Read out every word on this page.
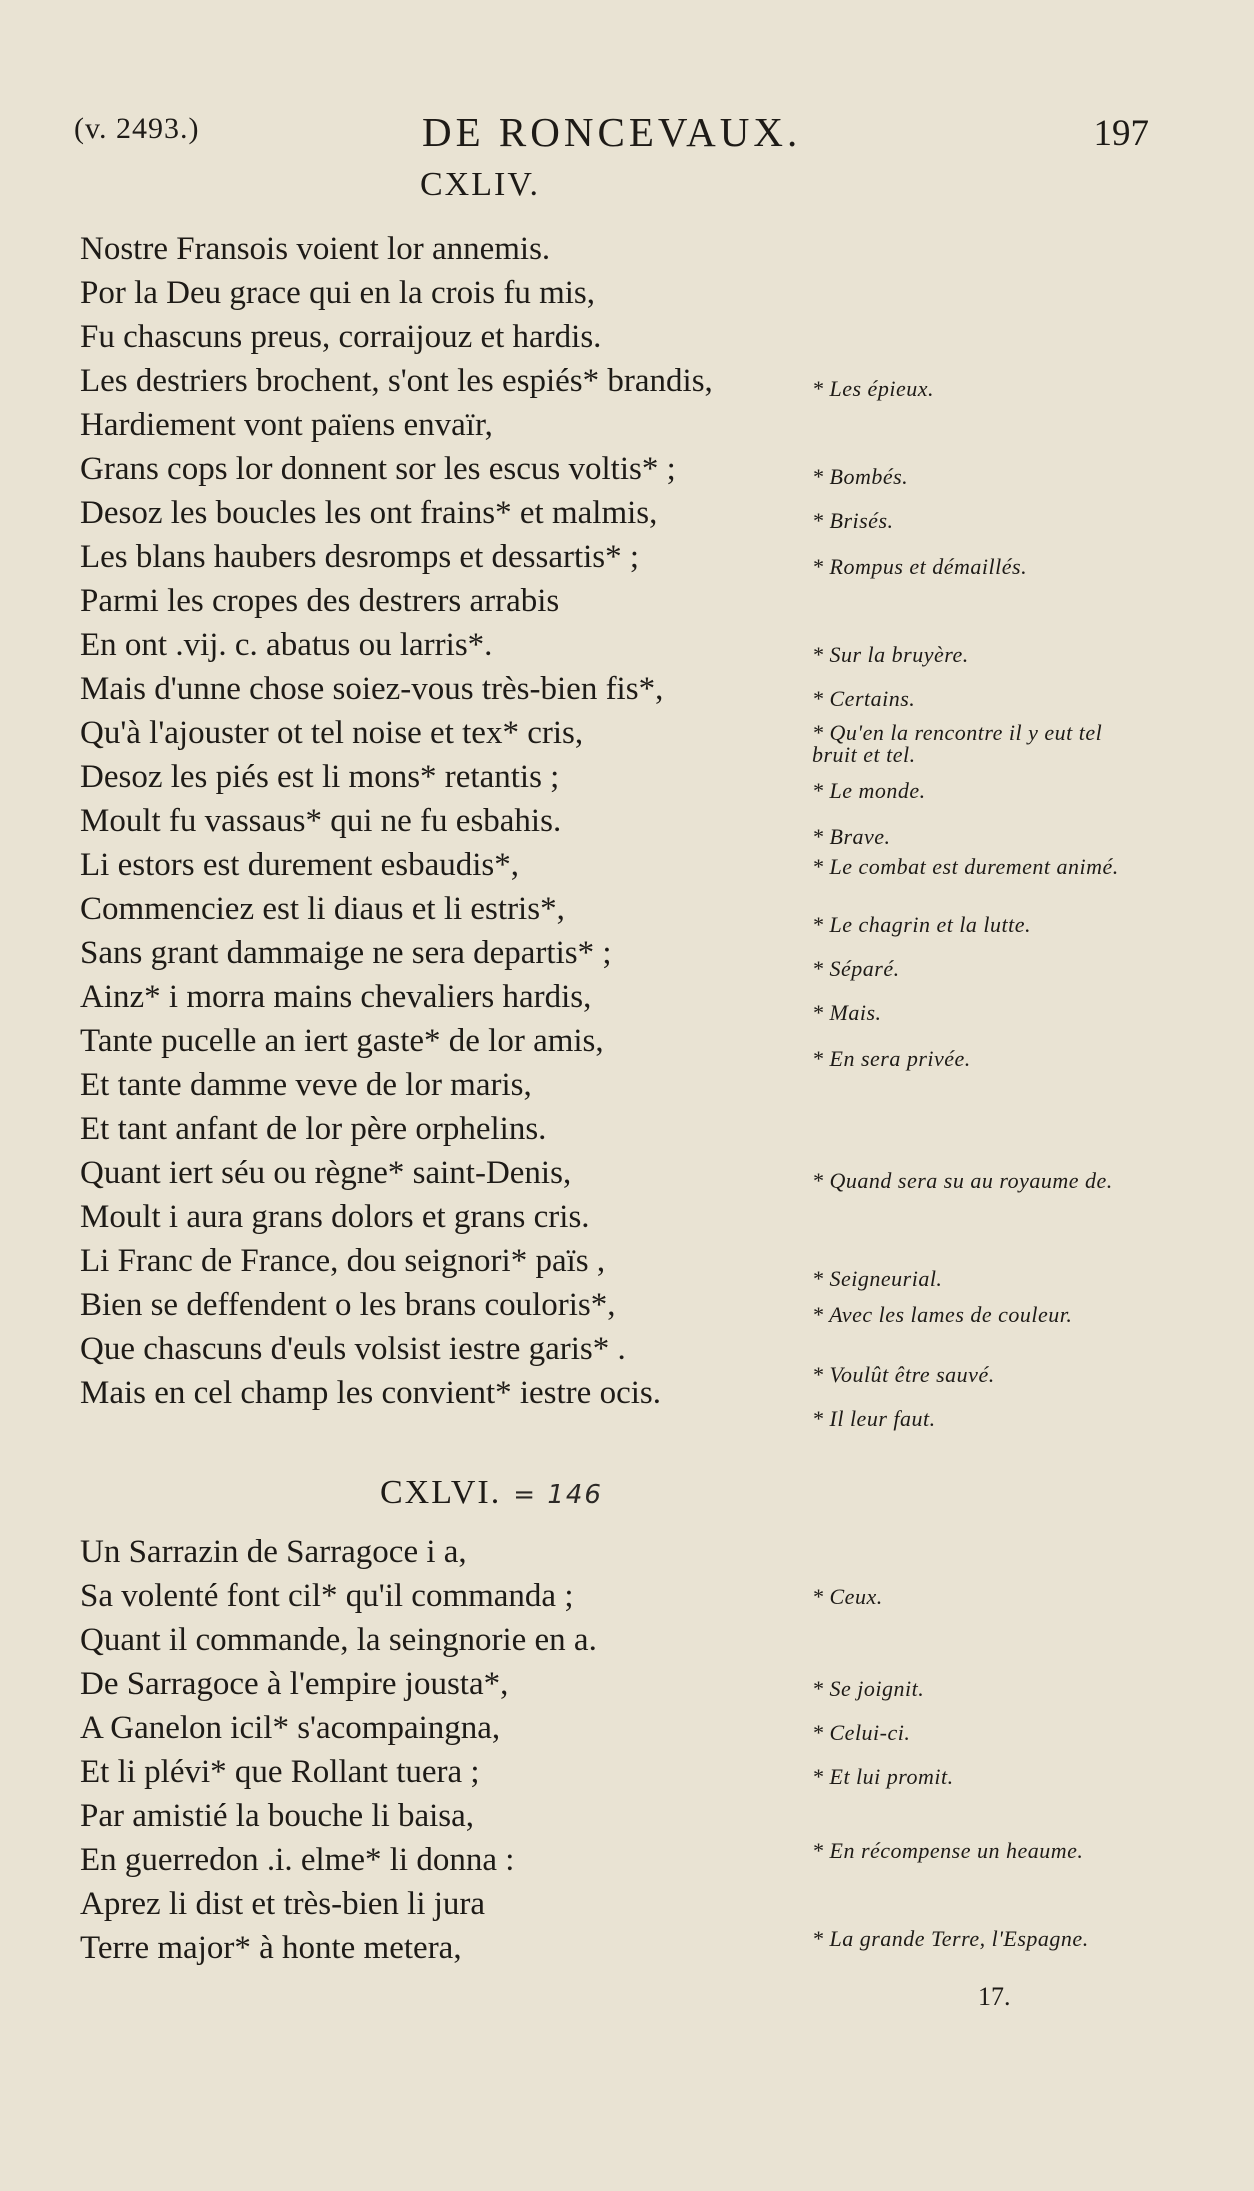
(v. 2493.)	DE RONCEVAUX.	197
CXLIV.
Nostre Fransois voient lor annemis.
Por la Deu grace qui en la crois fu mis,
Fu chascuns preus, corraijouz et hardis.
Les destriers brochent, s'ont les espiés* brandis,
Hardiement vont païens envaïr,
Grans cops lor donnent sor les escus voltis* ;
Desoz les boucles les ont frains* et malmis,
Les blans haubers desromps et dessartis* ;
Parmi les cropes des destrers arrabis
En ont .vij. c. abatus ou larris*.
Mais d'unne chose soiez-vous très-bien fis*,
Qu'à l'ajouster ot tel noise et tex* cris,
Desoz les piés est li mons* retantis ;
Moult fu vassaus* qui ne fu esbahis.
Li estors est durement esbaudis*,
Commenciez est li diaus et li estris*,
Sans grant dammaige ne sera departis* ;
Ainz* i morra mains chevaliers hardis,
Tante pucelle an iert gaste* de lor amis,
Et tante damme veve de lor maris,
Et tant anfant de lor père orphelins.
Quant iert séu ou règne* saint-Denis,
Moult i aura grans dolors et grans cris.
Li Franc de France, dou seignori* païs ,
Bien se deffendent o les brans couloris*,
Que chascuns d'euls volsist iestre garis* .
Mais en cel champ les convient* iestre ocis.
* Les épieux.
* Bombés.
* Brisés.
* Rompus et démaillés.
* Sur la bruyère.
* Certains.
* Qu'en la rencontre il y eut tel bruit et tel.
* Le monde.
* Brave.
* Le combat est durement animé.
* Le chagrin et la lutte.
* Séparé.
* Mais.
* En sera privée.
* Quand sera su au royaume de.
* Seigneurial.
* Avec les lames de couleur.
* Voulût être sauvé.
* Il leur faut.
CXLVI. = 146
Un Sarrazin de Sarragoce i a,
Sa volenté font cil* qu'il commanda ;
Quant il commande, la seingnorie en a.
De Sarragoce à l'empire jousta*,
A Ganelon icil* s'acompaingna,
Et li plévi* que Rollant tuera ;
Par amistié la bouche li baisa,
En guerredon .i. elme* li donna :
Aprez li dist et très-bien li jura
Terre major* à honte metera,
* Ceux.
* Se joignit.
* Celui-ci.
* Et lui promit.
* En récompense un heaume.
* La grande Terre, l'Espagne.
17.
